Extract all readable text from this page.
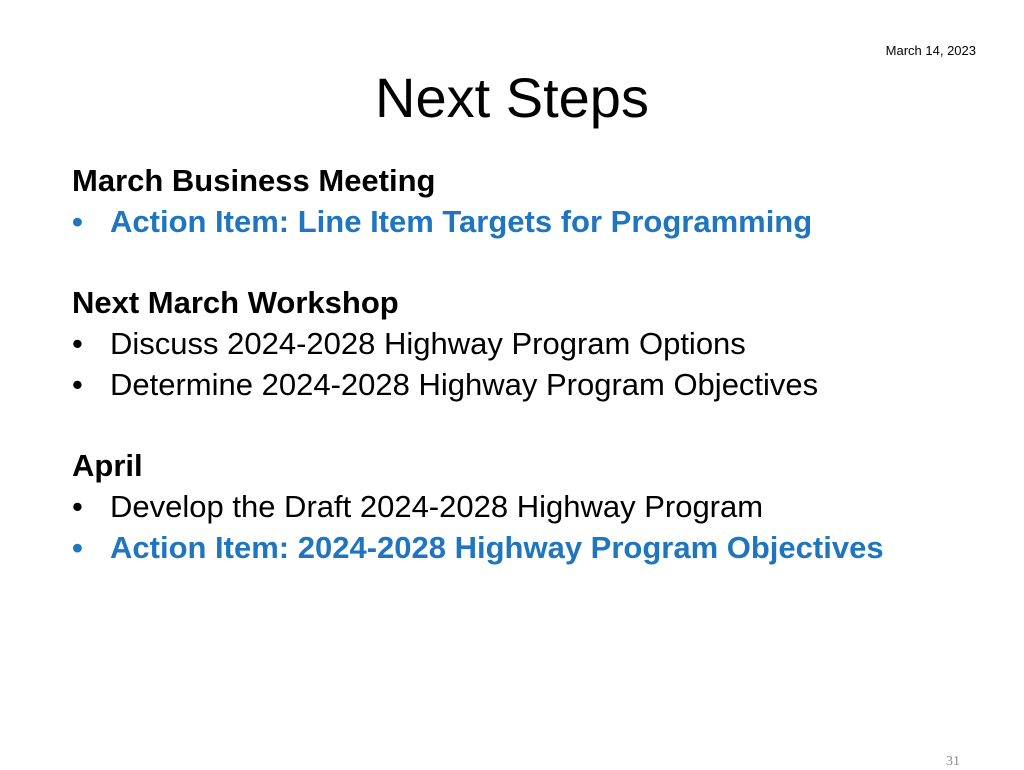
March 14, 2023
Next Steps
March Business Meeting
• Action Item: Line Item Targets for Programming
Next March Workshop
• Discuss 2024-2028 Highway Program Options
• Determine 2024-2028 Highway Program Objectives
April
• Develop the Draft 2024-2028 Highway Program
• Action Item: 2024-2028 Highway Program Objectives
31
